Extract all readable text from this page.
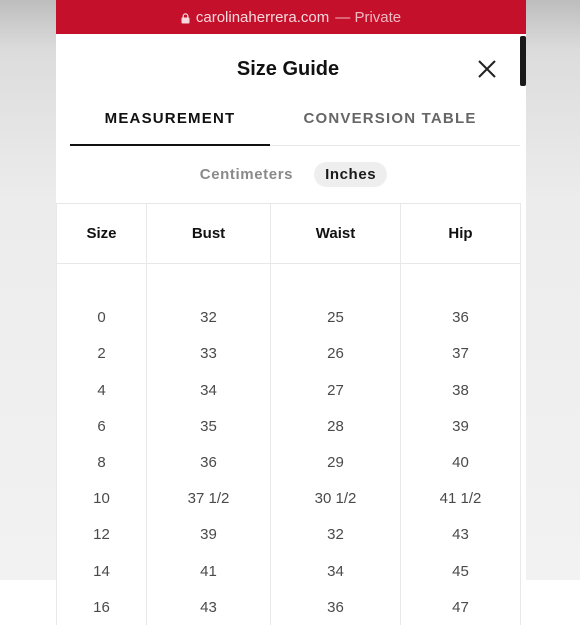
carolinaherrera.com — Private
Size Guide
MEASUREMENT	CONVERSION TABLE
Centimeters	Inches
Size	Bust	Waist	Hip

0	32	25	36
2	33	26	37
4	34	27	38
6	35	28	39
8	36	29	40
10	37 1/2	30 1/2	41 1/2
12	39	32	43
14	41	34	45
16	43	36	47
